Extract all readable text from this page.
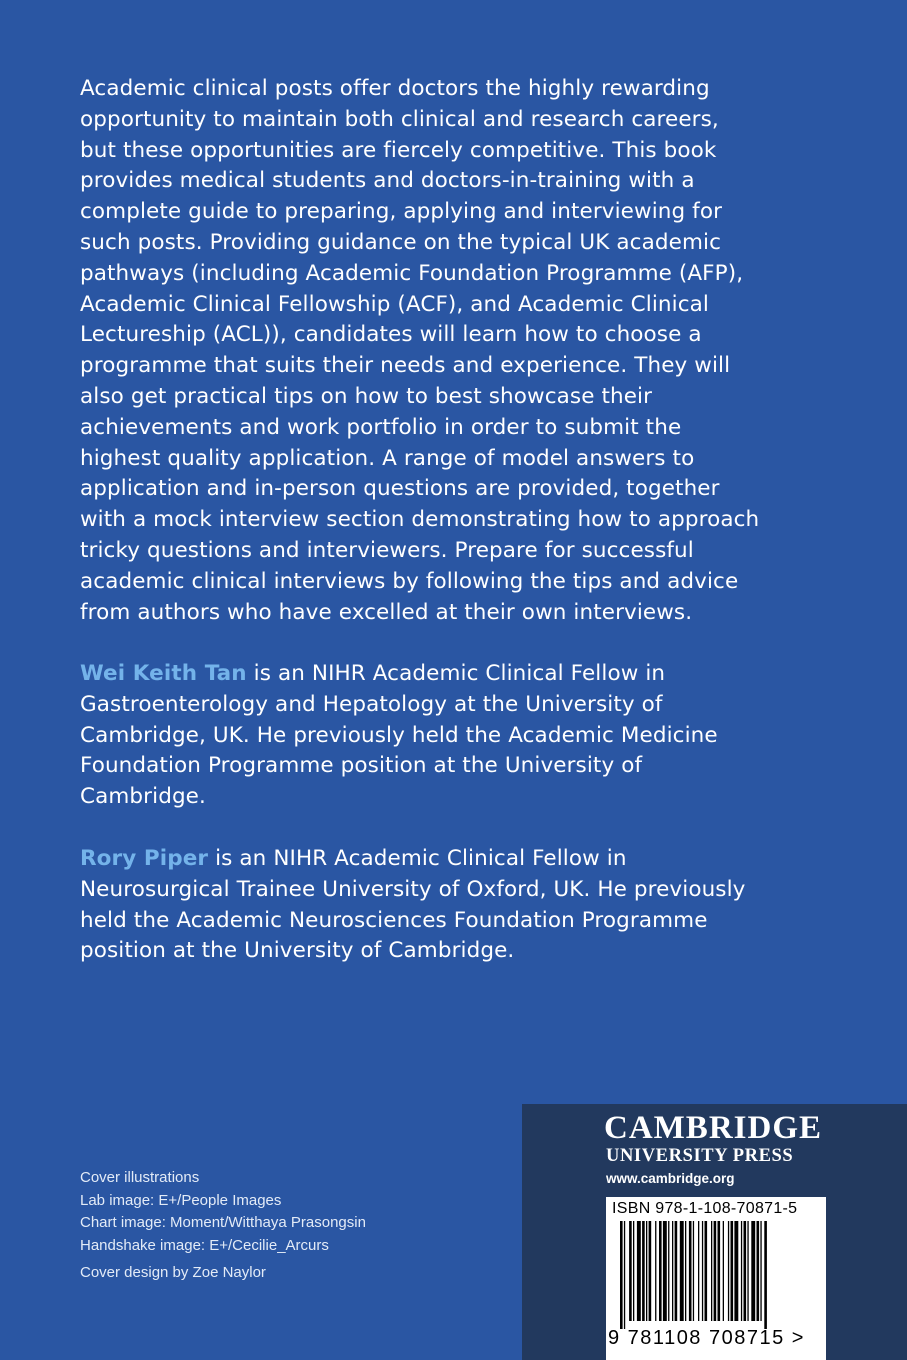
Academic clinical posts offer doctors the highly rewarding opportunity to maintain both clinical and research careers, but these opportunities are fiercely competitive. This book provides medical students and doctors-in-training with a complete guide to preparing, applying and interviewing for such posts. Providing guidance on the typical UK academic pathways (including Academic Foundation Programme (AFP), Academic Clinical Fellowship (ACF), and Academic Clinical Lectureship (ACL)), candidates will learn how to choose a programme that suits their needs and experience. They will also get practical tips on how to best showcase their achievements and work portfolio in order to submit the highest quality application. A range of model answers to application and in-person questions are provided, together with a mock interview section demonstrating how to approach tricky questions and interviewers. Prepare for successful academic clinical interviews by following the tips and advice from authors who have excelled at their own interviews.

Wei Keith Tan is an NIHR Academic Clinical Fellow in Gastroenterology and Hepatology at the University of Cambridge, UK. He previously held the Academic Medicine Foundation Programme position at the University of Cambridge.

Rory Piper is an NIHR Academic Clinical Fellow in Neurosurgical Trainee University of Oxford, UK. He previously held the Academic Neurosciences Foundation Programme position at the University of Cambridge.

Cover illustrations
Lab image: E+/People Images
Chart image: Moment/Witthaya Prasongsin
Handshake image: E+/Cecilie_Arcurs
Cover design by Zoe Naylor
CAMBRIDGE
UNIVERSITY PRESS
www.cambridge.org
ISBN 978-1-108-70871-5
9 781108 708715 >
